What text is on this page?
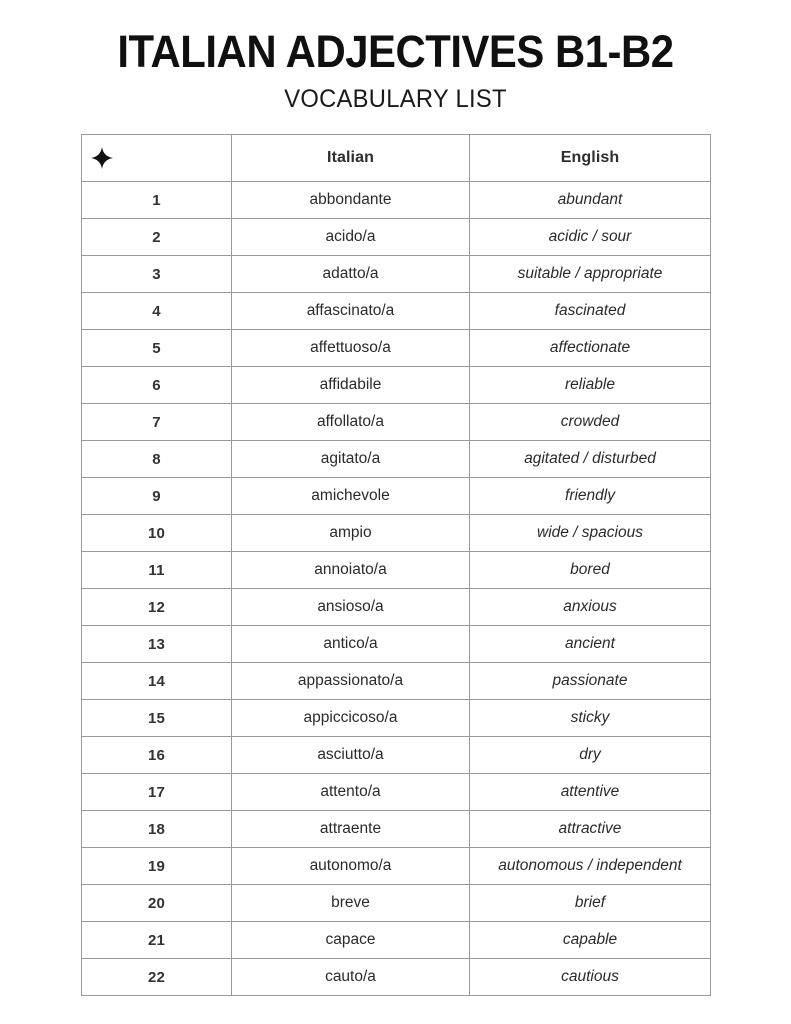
ITALIAN ADJECTIVES B1-B2
VOCABULARY LIST
	Italian	English
1	abbondante	abundant
2	acido/a	acidic / sour
3	adatto/a	suitable / appropriate
4	affascinato/a	fascinated
5	affettuoso/a	affectionate
6	affidabile	reliable
7	affollato/a	crowded
8	agitato/a	agitated / disturbed
9	amichevole	friendly
10	ampio	wide / spacious
11	annoiato/a	bored
12	ansioso/a	anxious
13	antico/a	ancient
14	appassionato/a	passionate
15	appiccicoso/a	sticky
16	asciutto/a	dry
17	attento/a	attentive
18	attraente	attractive
19	autonomo/a	autonomous / independent
20	breve	brief
21	capace	capable
22	cauto/a	cautious
